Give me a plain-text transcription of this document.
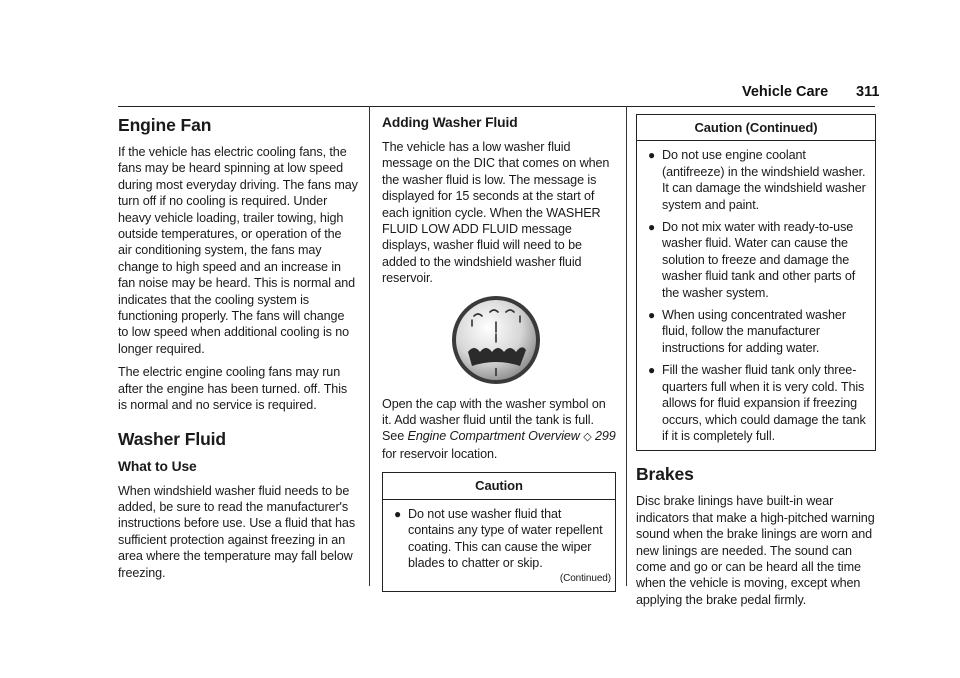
Vehicle Care 311
Engine Fan

If the vehicle has electric cooling fans, the fans may be heard spinning at low speed during most everyday driving. The fans may turn off if no cooling is required. Under heavy vehicle loading, trailer towing, high outside temperatures, or operation of the air conditioning system, the fans may change to high speed and an increase in fan noise may be heard. This is normal and indicates that the cooling system is functioning properly. The fans will change to low speed when additional cooling is no longer required.

The electric engine cooling fans may run after the engine has been turned. off. This is normal and no service is required.

Washer Fluid
What to Use

When windshield washer fluid needs to be added, be sure to read the manufacturer's instructions before use. Use a fluid that has sufficient protection against freezing in an area where the temperature may fall below freezing.

Adding Washer Fluid

The vehicle has a low washer fluid message on the DIC that comes on when the washer fluid is low. The message is displayed for 15 seconds at the start of each ignition cycle. When the WASHER FLUID LOW ADD FLUID message displays, washer fluid will need to be added to the windshield washer fluid reservoir.

Open the cap with the washer symbol on it. Add washer fluid until the tank is full. See Engine Compartment Overview ◇ 299 for reservoir location.

Caution
● Do not use washer fluid that contains any type of water repellent coating. This can cause the wiper blades to chatter or skip.
(Continued)
Caution (Continued)
● Do not use engine coolant (antifreeze) in the windshield washer. It can damage the windshield washer system and paint.
● Do not mix water with ready-to-use washer fluid. Water can cause the solution to freeze and damage the washer fluid tank and other parts of the washer system.
● When using concentrated washer fluid, follow the manufacturer instructions for adding water.
● Fill the washer fluid tank only three-quarters full when it is very cold. This allows for fluid expansion if freezing occurs, which could damage the tank if it is completely full.
Brakes

Disc brake linings have built-in wear indicators that make a high-pitched warning sound when the brake linings are worn and new linings are needed. The sound can come and go or can be heard all the time when the vehicle is moving, except when applying the brake pedal firmly.
